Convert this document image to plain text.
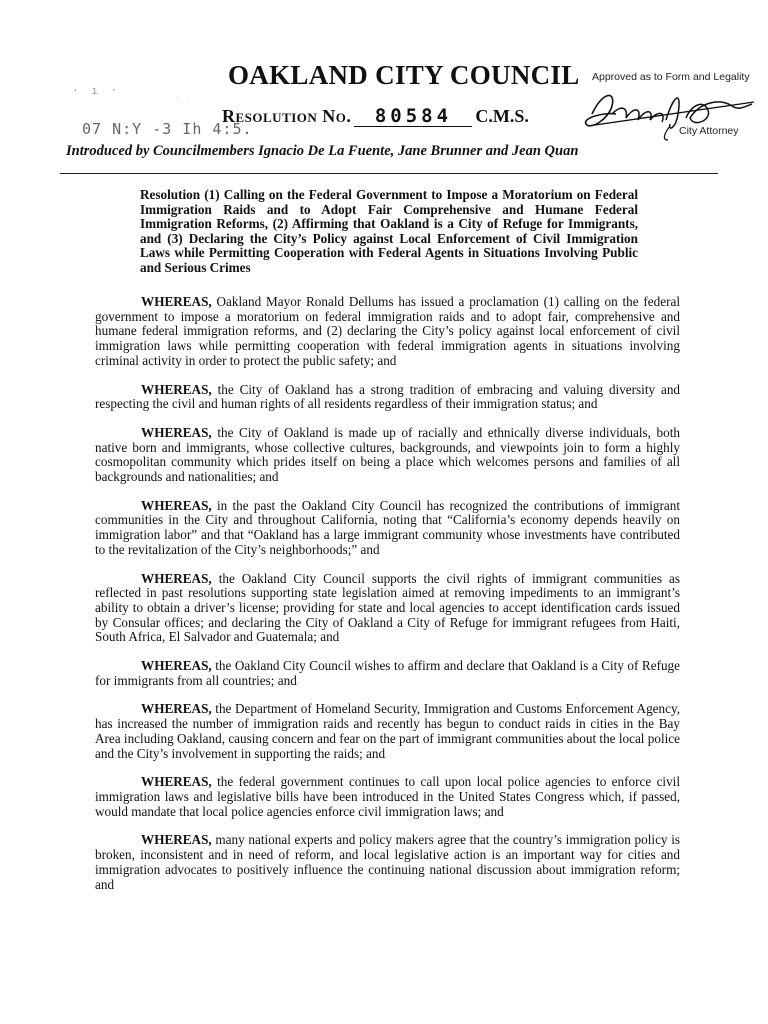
· ı ·
˙ ˙
07 N:Y -3 Ih 4:5.
OAKLAND CITY COUNCIL
Resolution No. 80584 C.M.S.
Approved as to Form and Legality
City Attorney
Introduced by Councilmembers Ignacio De La Fuente, Jane Brunner and Jean Quan
Resolution (1) Calling on the Federal Government to Impose a Moratorium on Federal Immigration Raids and to Adopt Fair Comprehensive and Humane Federal Immigration Reforms, (2) Affirming that Oakland is a City of Refuge for Immigrants, and (3) Declaring the City’s Policy against Local Enforcement of Civil Immigration Laws while Permitting Cooperation with Federal Agents in Situations Involving Public and Serious Crimes

WHEREAS, Oakland Mayor Ronald Dellums has issued a proclamation (1) calling on the federal government to impose a moratorium on federal immigration raids and to adopt fair, comprehensive and humane federal immigration reforms, and (2) declaring the City’s policy against local enforcement of civil immigration laws while permitting cooperation with federal immigration agents in situations involving criminal activity in order to protect the public safety; and

WHEREAS, the City of Oakland has a strong tradition of embracing and valuing diversity and respecting the civil and human rights of all residents regardless of their immigration status; and

WHEREAS, the City of Oakland is made up of racially and ethnically diverse individuals, both native born and immigrants, whose collective cultures, backgrounds, and viewpoints join to form a highly cosmopolitan community which prides itself on being a place which welcomes persons and families of all backgrounds and nationalities; and

WHEREAS, in the past the Oakland City Council has recognized the contributions of immigrant communities in the City and throughout California, noting that “California’s economy depends heavily on immigration labor” and that “Oakland has a large immigrant community whose investments have contributed to the revitalization of the City’s neighborhoods;” and

WHEREAS, the Oakland City Council supports the civil rights of immigrant communities as reflected in past resolutions supporting state legislation aimed at removing impediments to an immigrant’s ability to obtain a driver’s license; providing for state and local agencies to accept identification cards issued by Consular offices; and declaring the City of Oakland a City of Refuge for immigrant refugees from Haiti, South Africa, El Salvador and Guatemala; and

WHEREAS, the Oakland City Council wishes to affirm and declare that Oakland is a City of Refuge for immigrants from all countries; and

WHEREAS, the Department of Homeland Security, Immigration and Customs Enforcement Agency, has increased the number of immigration raids and recently has begun to conduct raids in cities in the Bay Area including Oakland, causing concern and fear on the part of immigrant communities about the local police and the City’s involvement in supporting the raids; and

WHEREAS, the federal government continues to call upon local police agencies to enforce civil immigration laws and legislative bills have been introduced in the United States Congress which, if passed, would mandate that local police agencies enforce civil immigration laws; and

WHEREAS, many national experts and policy makers agree that the country’s immigration policy is broken, inconsistent and in need of reform, and local legislative action is an important way for cities and immigration advocates to positively influence the continuing national discussion about immigration reform; and
